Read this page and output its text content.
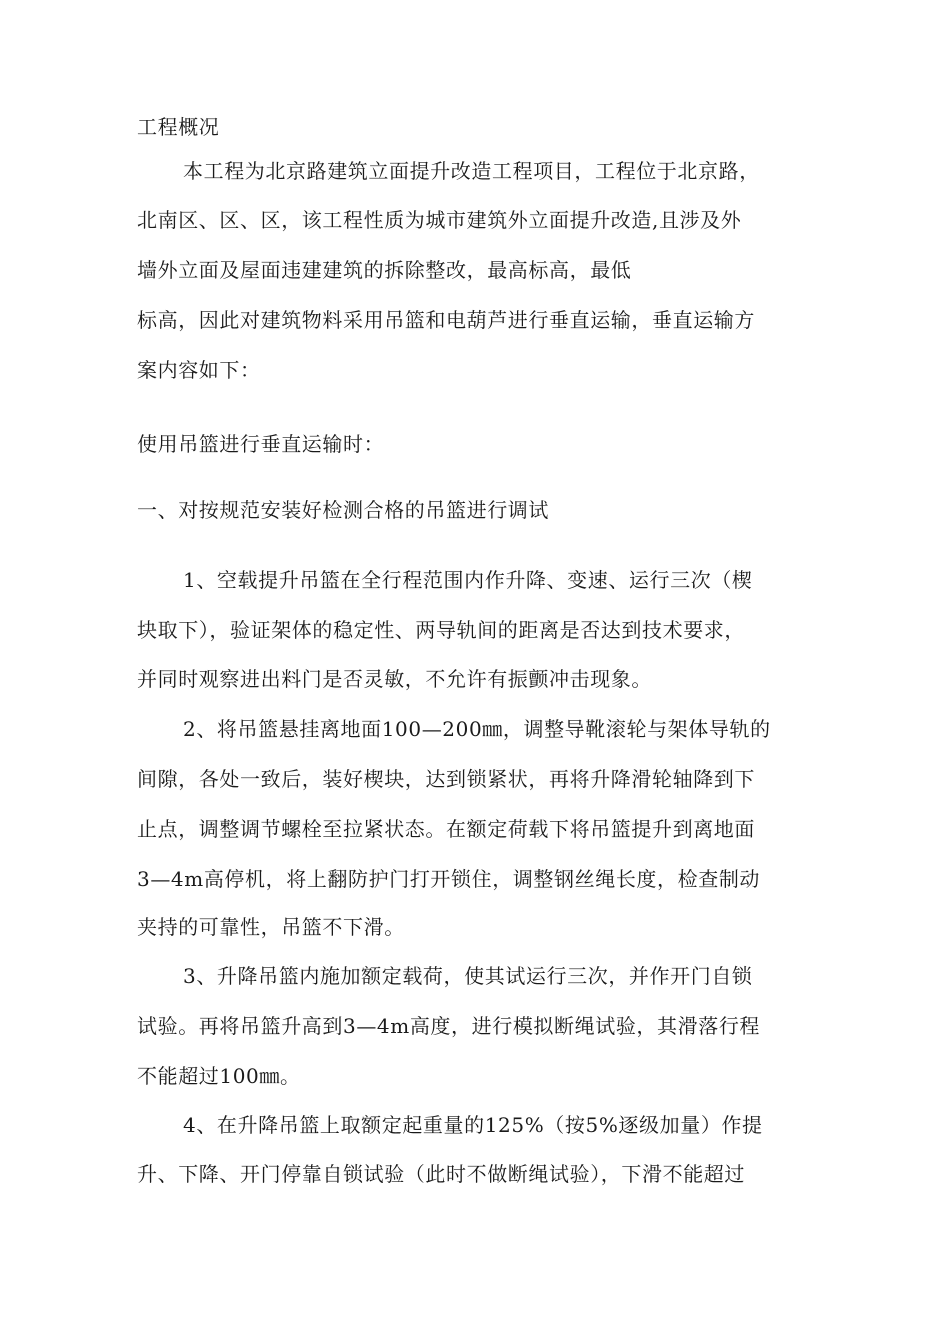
工程概况
本工程为北京路建筑立面提升改造工程项目，工程位于北京路，
北南区、区、区，该工程性质为城市建筑外立面提升改造,且涉及外
墙外立面及屋面违建建筑的拆除整改，最高标高，最低
标高，因此对建筑物料采用吊篮和电葫芦进行垂直运输，垂直运输方
案内容如下：
使用吊篮进行垂直运输时：
一、对按规范安装好检测合格的吊篮进行调试
1、空载提升吊篮在全行程范围内作升降、变速、运行三次（楔
块取下），验证架体的稳定性、两导轨间的距离是否达到技术要求，
并同时观察进出料门是否灵敏，不允许有振颤冲击现象。
2、将吊篮悬挂离地面100—200㎜，调整导靴滚轮与架体导轨的
间隙，各处一致后，装好楔块，达到锁紧状，再将升降滑轮轴降到下
止点，调整调节螺栓至拉紧状态。在额定荷载下将吊篮提升到离地面
3—4m高停机，将上翻防护门打开锁住，调整钢丝绳长度，检查制动
夹持的可靠性，吊篮不下滑。
3、升降吊篮内施加额定载荷，使其试运行三次，并作开门自锁
试验。再将吊篮升高到3—4m高度，进行模拟断绳试验，其滑落行程
不能超过100㎜。
4、在升降吊篮上取额定起重量的125%（按5%逐级加量）作提
升、下降、开门停靠自锁试验（此时不做断绳试验），下滑不能超过
